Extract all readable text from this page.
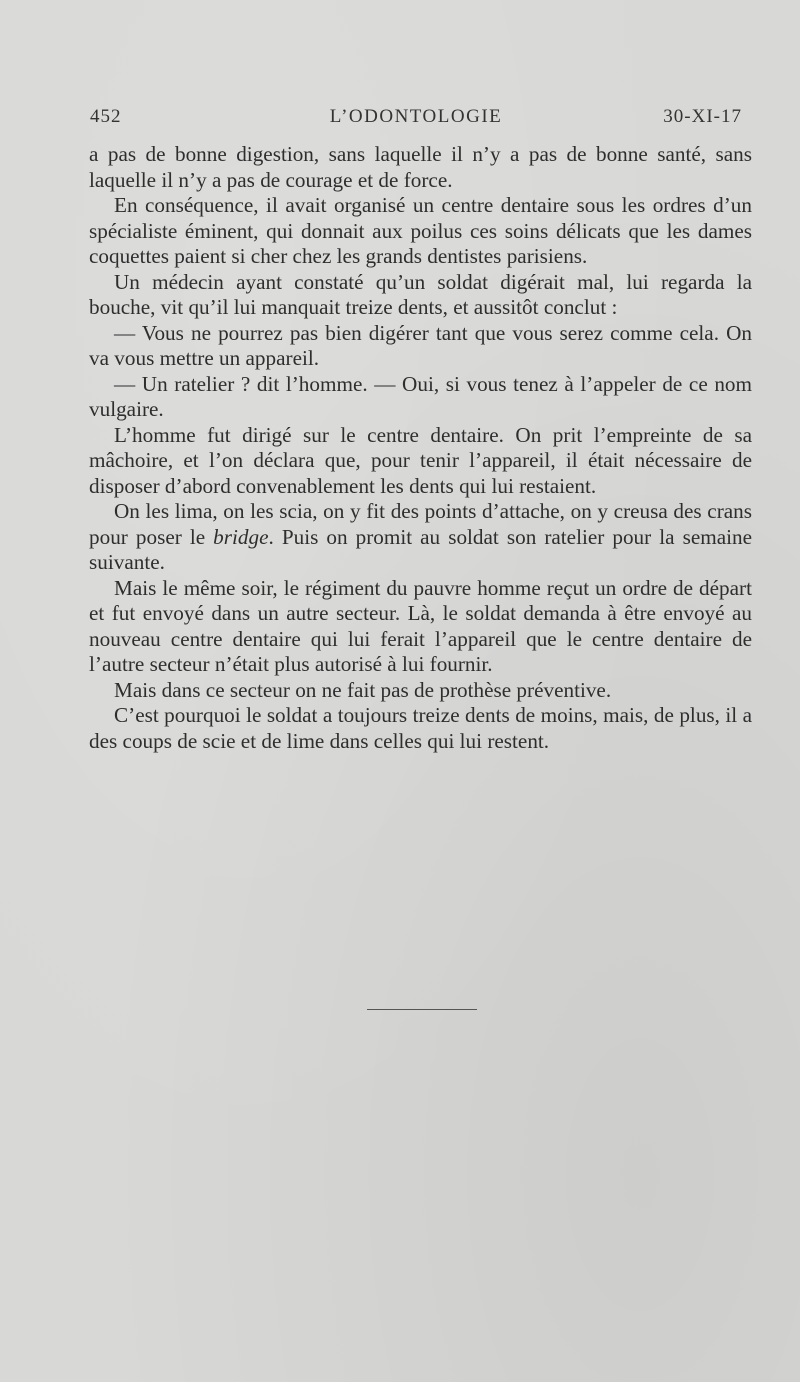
452	L’ODONTOLOGIE	30-XI-17

a pas de bonne digestion, sans laquelle il n’y a pas de bonne santé, sans laquelle il n’y a pas de courage et de force.

En conséquence, il avait organisé un centre dentaire sous les ordres d’un spécialiste éminent, qui donnait aux poilus ces soins délicats que les dames coquettes paient si cher chez les grands dentistes parisiens.

Un médecin ayant constaté qu’un soldat digérait mal, lui regarda la bouche, vit qu’il lui manquait treize dents, et aussitôt conclut :

— Vous ne pourrez pas bien digérer tant que vous serez comme cela. On va vous mettre un appareil.

— Un ratelier ? dit l’homme. — Oui, si vous tenez à l’appeler de ce nom vulgaire.

L’homme fut dirigé sur le centre dentaire. On prit l’empreinte de sa mâchoire, et l’on déclara que, pour tenir l’appareil, il était nécessaire de disposer d’abord convenablement les dents qui lui restaient.

On les lima, on les scia, on y fit des points d’attache, on y creusa des crans pour poser le bridge. Puis on promit au soldat son ratelier pour la semaine suivante.

Mais le même soir, le régiment du pauvre homme reçut un ordre de départ et fut envoyé dans un autre secteur. Là, le soldat demanda à être envoyé au nouveau centre dentaire qui lui ferait l’appareil que le centre dentaire de l’autre secteur n’était plus autorisé à lui fournir.

Mais dans ce secteur on ne fait pas de prothèse préventive.

C’est pourquoi le soldat a toujours treize dents de moins, mais, de plus, il a des coups de scie et de lime dans celles qui lui restent.
